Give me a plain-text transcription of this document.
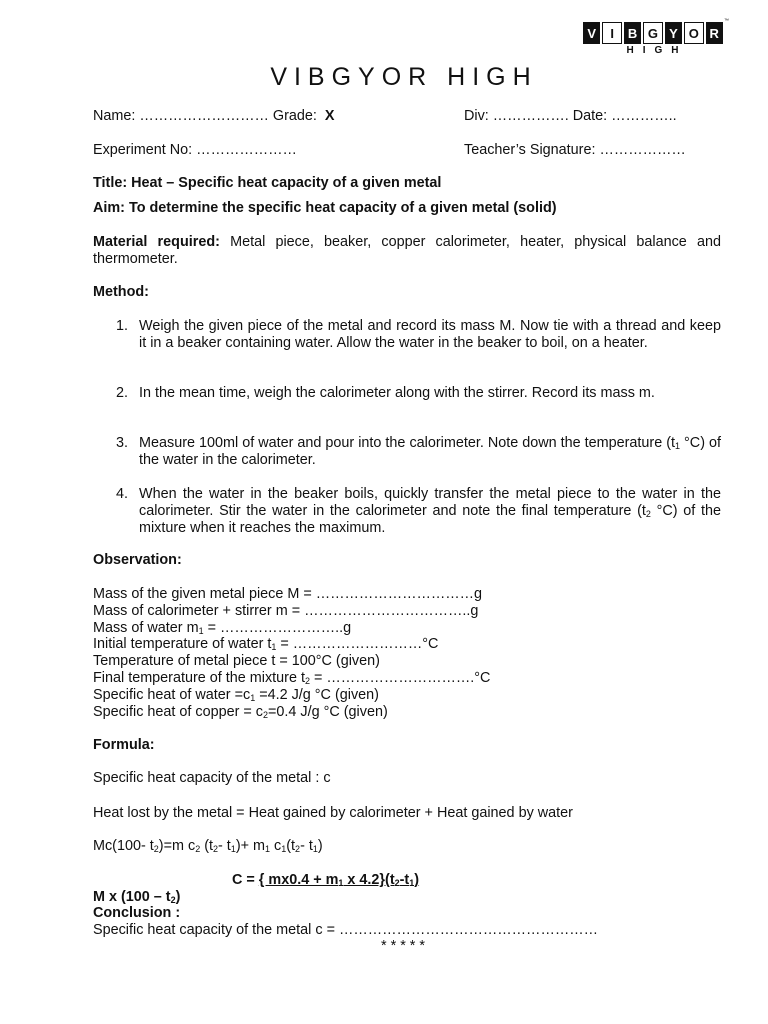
V	I	B G Y O R
HIGH
™
VIBGYOR HIGH
Name: ……………………… Grade: X	Div: ……………. Date: …………..
Experiment No: …………………	Teacher’s Signature: ………………
Title: Heat – Specific heat capacity of a given metal
Aim: To determine the specific heat capacity of a given metal (solid)
Material required: Metal piece, beaker, copper calorimeter, heater, physical balance and thermometer.
Method:
1. Weigh the given piece of the metal and record its mass M. Now tie with a thread and keep it in a beaker containing water. Allow the water in the beaker to boil, on a heater.
2. In the mean time, weigh the calorimeter along with the stirrer. Record its mass m.
3. Measure 100ml of water and pour into the calorimeter. Note down the temperature ($t_1$ °C) of the water in the calorimeter.
4. When the water in the beaker boils, quickly transfer the metal piece to the water in the calorimeter. Stir the water in the calorimeter and note the final temperature ($t_2$ °C) of the mixture when it reaches the maximum.
Observation:
Mass of the given metal piece M = ……………………………g
Mass of calorimeter + stirrer m = ……………………………..g
Mass of water $m_1$ = ……………………..g
Initial temperature of water $t_1$ = ………………………°C
Temperature of metal piece t = 100°C (given)
Final temperature of the mixture $t_2$ = ………………………….°C
Specific heat of water $=c_1 =4.2$ J/g °C (given)
Specific heat of copper = $c_2=0.4$ J/g °C (given)
Formula:
Specific heat capacity of the metal : c
Heat lost by the metal = Heat gained by calorimeter + Heat gained by water
Mc(100- $t_2)=m$ $c_2$ ($t_2-$ $t_1)+ m_1$ $c_1(t_2-$ $t_1$)
C = { $mx0.4 + m_1$ x $4.2\}(t_2-t_1)$
M x $(100 - t_2)$
Conclusion :
Specific heat capacity of the metal c = ………………………………………………
* * * * *
